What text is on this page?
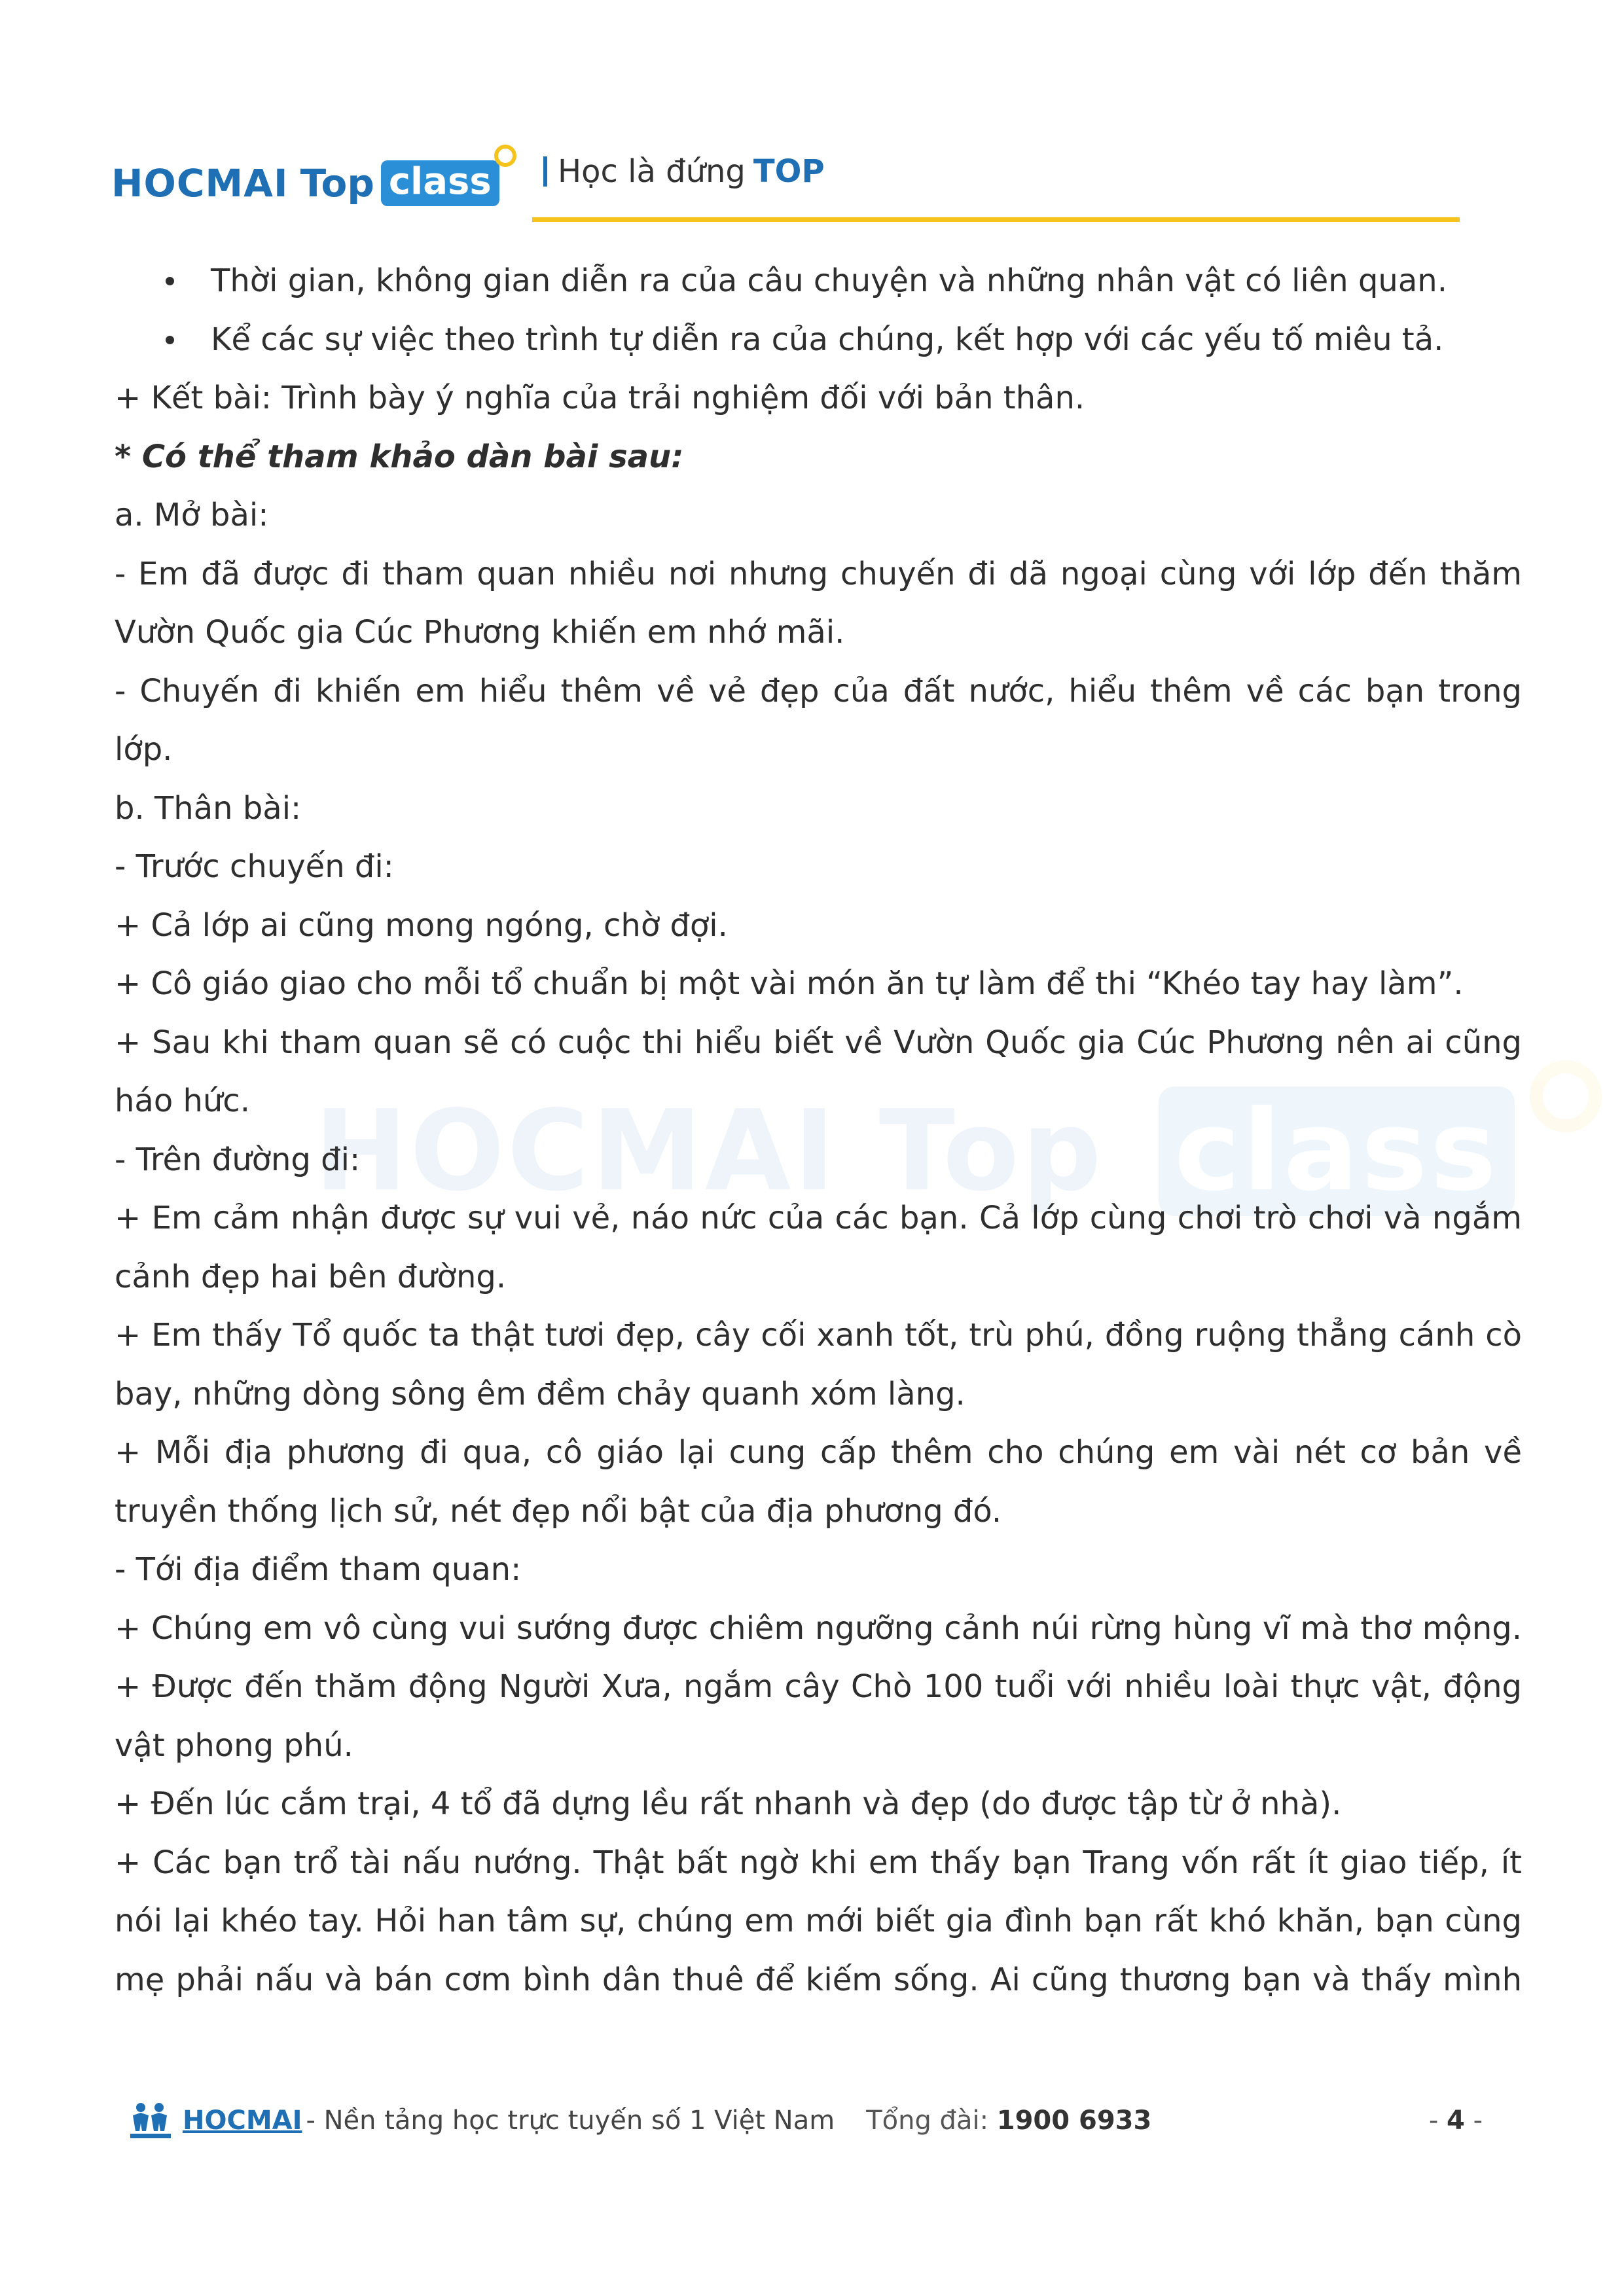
HOCMAI Top class Học là đứng TOP
HOCMAI Top class
Thời gian, không gian diễn ra của câu chuyện và những nhân vật có liên quan.
Kể các sự việc theo trình tự diễn ra của chúng, kết hợp với các yếu tố miêu tả.
+ Kết bài: Trình bày ý nghĩa của trải nghiệm đối với bản thân.
* Có thể tham khảo dàn bài sau:
a. Mở bài:
- Em đã được đi tham quan nhiều nơi nhưng chuyến đi dã ngoại cùng với lớp đến thăm
Vườn Quốc gia Cúc Phương khiến em nhớ mãi.
- Chuyến đi khiến em hiểu thêm về vẻ đẹp của đất nước, hiểu thêm về các bạn trong
lớp.
b. Thân bài:
- Trước chuyến đi:
+ Cả lớp ai cũng mong ngóng, chờ đợi.
+ Cô giáo giao cho mỗi tổ chuẩn bị một vài món ăn tự làm để thi “Khéo tay hay làm”.
+ Sau khi tham quan sẽ có cuộc thi hiểu biết về Vườn Quốc gia Cúc Phương nên ai cũng
háo hức.
- Trên đường đi:
+ Em cảm nhận được sự vui vẻ, náo nức của các bạn. Cả lớp cùng chơi trò chơi và ngắm
cảnh đẹp hai bên đường.
+ Em thấy Tổ quốc ta thật tươi đẹp, cây cối xanh tốt, trù phú, đồng ruộng thẳng cánh cò
bay, những dòng sông êm đềm chảy quanh xóm làng.
+ Mỗi địa phương đi qua, cô giáo lại cung cấp thêm cho chúng em vài nét cơ bản về
truyền thống lịch sử, nét đẹp nổi bật của địa phương đó.
- Tới địa điểm tham quan:
+ Chúng em vô cùng vui sướng được chiêm ngưỡng cảnh núi rừng hùng vĩ mà thơ mộng.
+ Được đến thăm động Người Xưa, ngắm cây Chò 100 tuổi với nhiều loài thực vật, động
vật phong phú.
+ Đến lúc cắm trại, 4 tổ đã dựng lều rất nhanh và đẹp (do được tập từ ở nhà).
+ Các bạn trổ tài nấu nướng. Thật bất ngờ khi em thấy bạn Trang vốn rất ít giao tiếp, ít
nói lại khéo tay. Hỏi han tâm sự, chúng em mới biết gia đình bạn rất khó khăn, bạn cùng
mẹ phải nấu và bán cơm bình dân thuê để kiếm sống. Ai cũng thương bạn và thấy mình
HOCMAI - Nền tảng học trực tuyến số 1 Việt Nam Tổng đài: 1900 6933	- 4 -
